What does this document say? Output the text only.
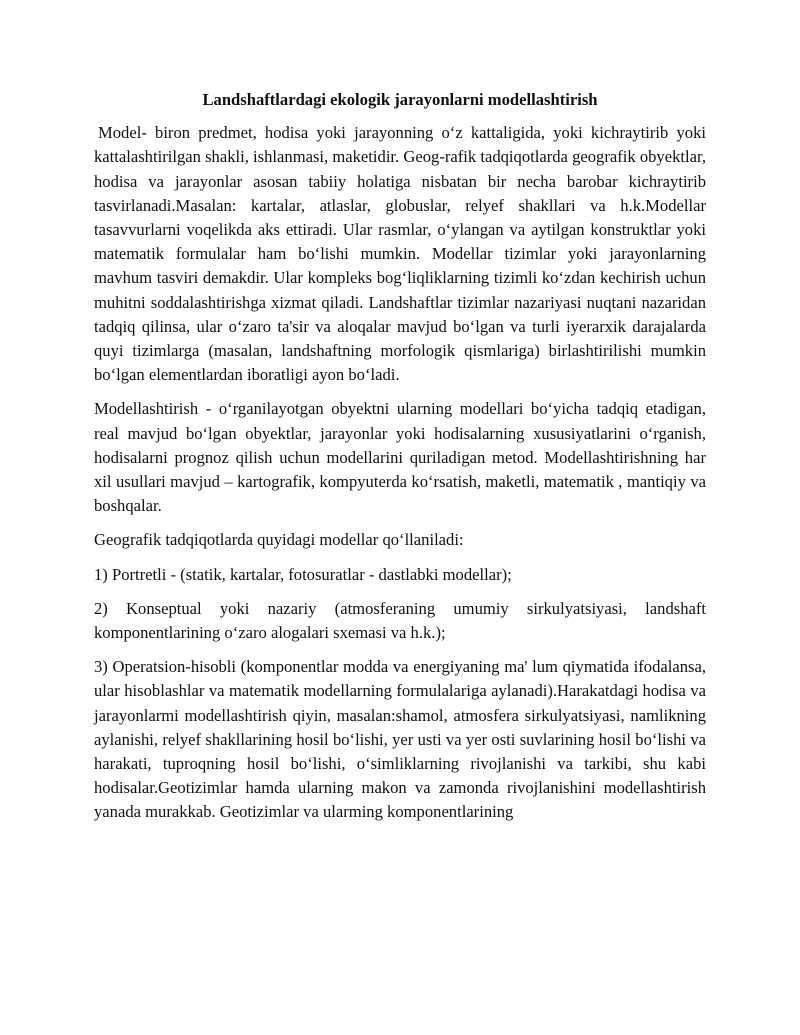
Landshaftlardagi ekologik jarayonlarni modellashtirish

Model- biron predmet, hodisa yoki jarayonning o‘z kattaligida, yoki kichraytirib yoki kattalashtirilgan shakli, ishlanmasi, maketidir. Geog-rafik tadqiqotlarda geografik obyektlar, hodisa va jarayonlar asosan tabiiy holatiga nisbatan bir necha barobar kichraytirib tasvirlanadi.Masalan: kartalar, atlaslar, globuslar, relyef shakllari va h.k.Modellar tasavvurlarni voqelikda aks ettiradi. Ular rasmlar, o‘ylangan va aytilgan konstruktlar yoki matematik formulalar ham bo‘lishi mumkin. Modellar tizimlar yoki jarayonlarning mavhum tasviri demakdir. Ular kompleks bog‘liqliklarning tizimli ko‘zdan kechirish uchun muhitni soddalashtirishga xizmat qiladi. Landshaftlar tizimlar nazariyasi nuqtani nazaridan tadqiq qilinsa, ular o‘zaro ta'sir va aloqalar mavjud bo‘lgan va turli iyerarxik darajalarda quyi tizimlarga (masalan, landshaftning morfologik qismlariga) birlashtirilishi mumkin bo‘lgan elementlardan iboratligi ayon bo‘ladi.

Modellashtirish - o‘rganilayotgan obyektni ularning modellari bo‘yicha tadqiq etadigan, real mavjud bo‘lgan obyektlar, jarayonlar yoki hodisalarning xususiyatlarini o‘rganish, hodisalarni prognoz qilish uchun modellarini quriladigan metod. Modellashtirishning har xil usullari mavjud – kartografik, kompyuterda ko‘rsatish, maketli, matematik , mantiqiy va boshqalar.

Geografik tadqiqotlarda quyidagi modellar qo‘llaniladi:

1) Portretli - (statik, kartalar, fotosuratlar - dastlabki modellar);

2) Konseptual yoki nazariy (atmosferaning umumiy sirkulyatsiyasi, landshaft komponentlarining o‘zaro alogalari sxemasi va h.k.);

3) Operatsion-hisobli (komponentlar modda va energiyaning ma' lum qiymatida ifodalansa, ular hisoblashlar va matematik modellarning formulalariga aylanadi).Harakatdagi hodisa va jarayonlarmi modellashtirish qiyin, masalan:shamol, atmosfera sirkulyatsiyasi, namlikning aylanishi, relyef shakllarining hosil bo‘lishi, yer usti va yer osti suvlarining hosil bo‘lishi va harakati, tuproqning hosil bo‘lishi, o‘simliklarning rivojlanishi va tarkibi, shu kabi hodisalar.Geotizimlar hamda ularning makon va zamonda rivojlanishini modellashtirish yanada murakkab. Geotizimlar va ularming komponentlarining
